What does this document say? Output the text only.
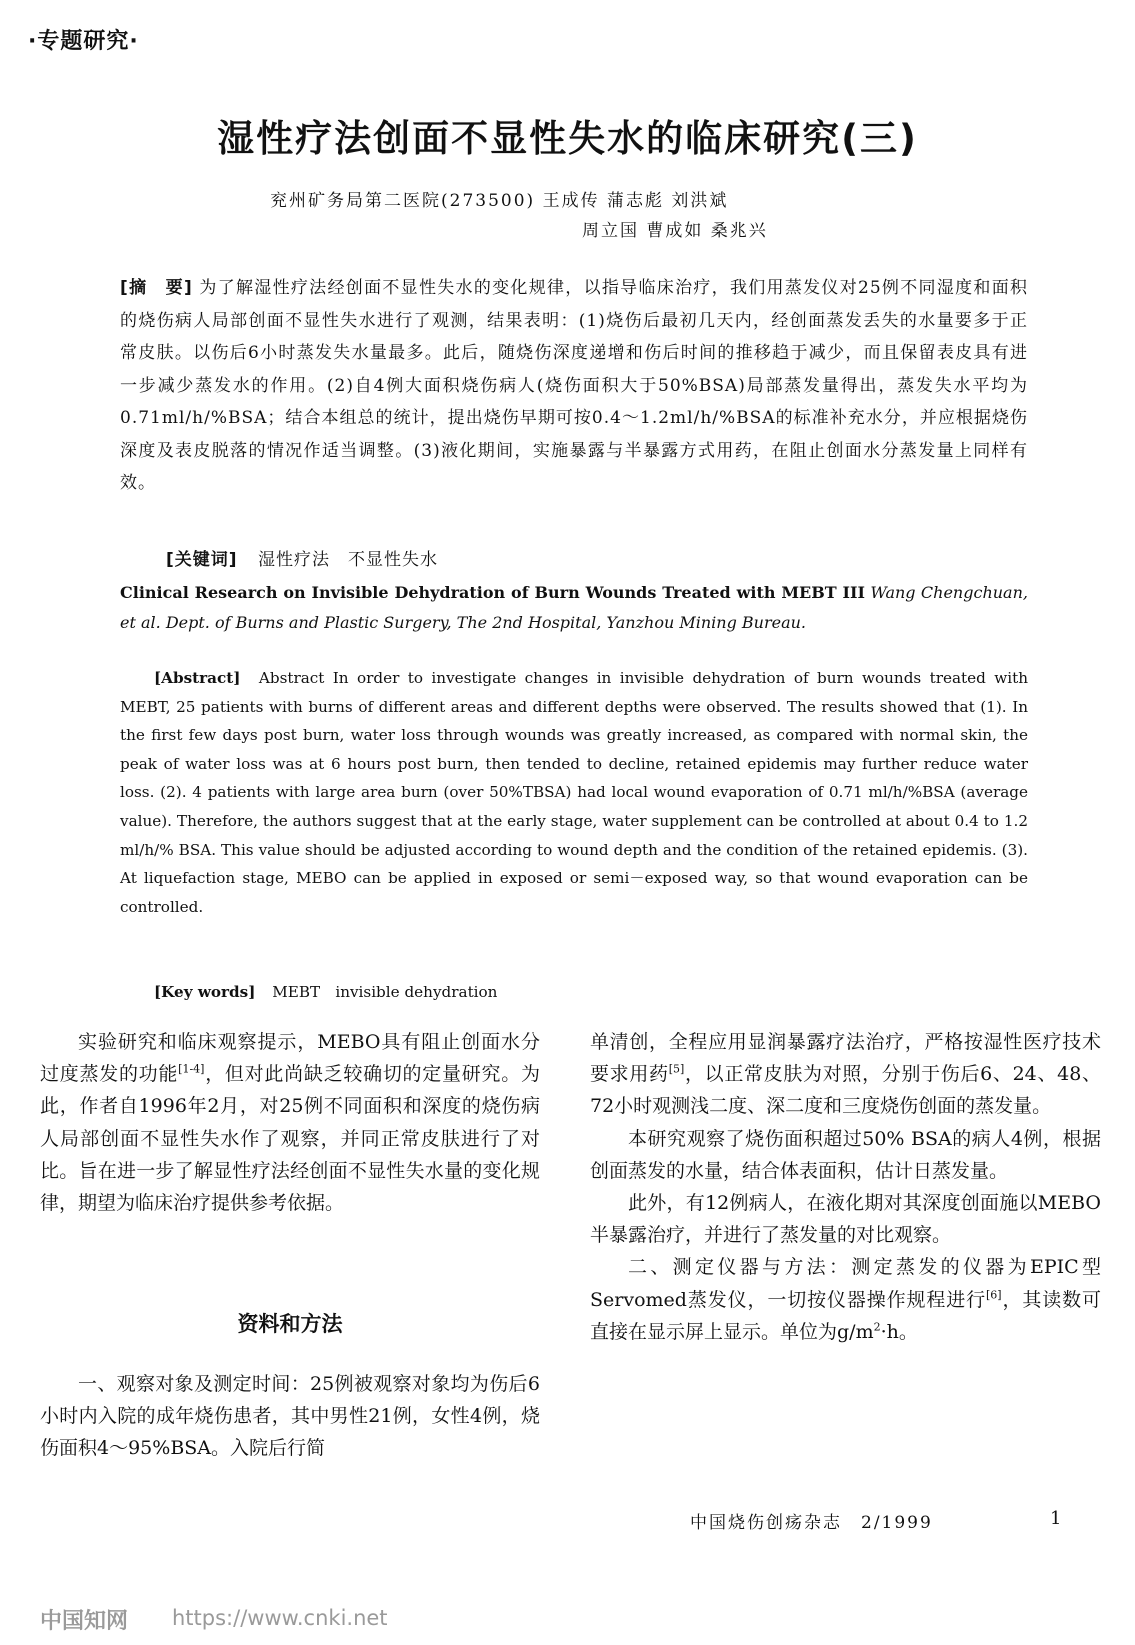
·专题研究·
湿性疗法创面不显性失水的临床研究(三)
兖州矿务局第二医院(273500) 王成传 蒲志彪 刘洪斌
周立国 曹成如 桑兆兴
[摘　要] 为了解湿性疗法经创面不显性失水的变化规律，以指导临床治疗，我们用蒸发仪对25例不同湿度和面积的烧伤病人局部创面不显性失水进行了观测，结果表明：(1)烧伤后最初几天内，经创面蒸发丢失的水量要多于正常皮肤。以伤后6小时蒸发失水量最多。此后，随烧伤深度递增和伤后时间的推移趋于减少，而且保留表皮具有进一步减少蒸发水的作用。(2)自4例大面积烧伤病人(烧伤面积大于50%BSA)局部蒸发量得出，蒸发失水平均为0.71ml/h/%BSA；结合本组总的统计，提出烧伤早期可按0.4～1.2ml/h/%BSA的标准补充水分，并应根据烧伤深度及表皮脱落的情况作适当调整。(3)液化期间，实施暴露与半暴露方式用药，在阻止创面水分蒸发量上同样有效。
[关键词] 湿性疗法　不显性失水
Clinical Research on Invisible Dehydration of Burn Wounds Treated with MEBT III Wang Chengchuan, et al. Dept. of Burns and Plastic Surgery, The 2nd Hospital, Yanzhou Mining Bureau.
[Abstract] Abstract In order to investigate changes in invisible dehydration of burn wounds treated with MEBT, 25 patients with burns of different areas and different depths were observed. The results showed that (1). In the first few days post burn, water loss through wounds was greatly increased, as compared with normal skin, the peak of water loss was at 6 hours post burn, then tended to decline, retained epidemis may further reduce water loss. (2). 4 patients with large area burn (over 50%TBSA) had local wound evaporation of 0.71 ml/h/%BSA (average value). Therefore, the authors suggest that at the early stage, water supplement can be controlled at about 0.4 to 1.2 ml/h/% BSA. This value should be adjusted according to wound depth and the condition of the retained epidemis. (3). At liquefaction stage, MEBO can be applied in exposed or semi－exposed way, so that wound evaporation can be controlled.
[Key words] MEBT　invisible dehydration

实验研究和临床观察提示，MEBO具有阻止创面水分过度蒸发的功能[1-4]，但对此尚缺乏较确切的定量研究。为此，作者自1996年2月，对25例不同面积和深度的烧伤病人局部创面不显性失水作了观察，并同正常皮肤进行了对比。旨在进一步了解显性疗法经创面不显性失水量的变化规律，期望为临床治疗提供参考依据。

资料和方法

一、观察对象及测定时间：25例被观察对象均为伤后6小时内入院的成年烧伤患者，其中男性21例，女性4例，烧伤面积4～95%BSA。入院后行简

单清创，全程应用显润暴露疗法治疗，严格按湿性医疗技术要求用药[5]，以正常皮肤为对照，分别于伤后6、24、48、72小时观测浅二度、深二度和三度烧伤创面的蒸发量。

本研究观察了烧伤面积超过50% BSA的病人4例，根据创面蒸发的水量，结合体表面积，估计日蒸发量。

此外，有12例病人，在液化期对其深度创面施以MEBO半暴露治疗，并进行了蒸发量的对比观察。

二、测定仪器与方法：测定蒸发的仪器为EPIC型Servomed蒸发仪，一切按仪器操作规程进行[6]，其读数可直接在显示屏上显示。单位为$g/m^2\cdot h$。

中国烧伤创疡杂志　2/1999	1
中国知网 https://www.cnki.net
